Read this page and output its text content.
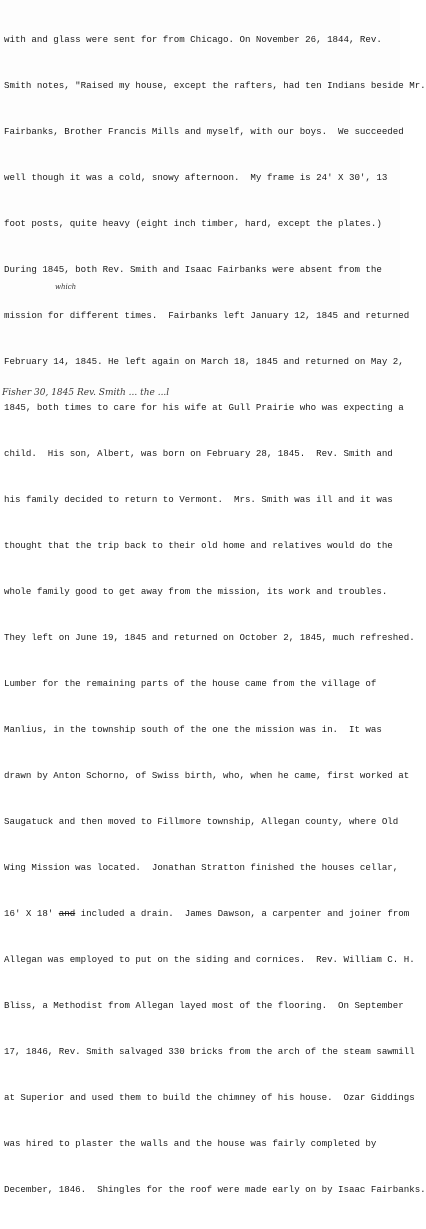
with and glass were sent for from Chicago. On November 26, 1844, Rev.

Smith notes, "Raised my house, except the rafters, had ten Indians beside Mr.

Fairbanks, Brother Francis Mills and myself, with our boys.  We succeeded

well though it was a cold, snowy afternoon.  My frame is 24' X 30', 13

foot posts, quite heavy (eight inch timber, hard, except the plates.)

During 1845, both Rev. Smith and Isaac Fairbanks were absent from the

mission for different times.  Fairbanks left January 12, 1845 and returned

February 14, 1845. He left again on March 18, 1845 and returned on May 2,

1845, both times to care for his wife at Gull Prairie who was expecting a

child.  His son, Albert, was born on February 28, 1845.  Rev. Smith and

his family decided to return to Vermont.  Mrs. Smith was ill and it was

thought that the trip back to their old home and relatives would do the

whole family good to get away from the mission, its work and troubles.

They left on June 19, 1845 and returned on October 2, 1845, much refreshed.

Lumber for the remaining parts of the house came from the village of

Manlius, in the township south of the one the mission was in.  It was

drawn by Anton Schorno, of Swiss birth, who, when he came, first worked at

Saugatuck and then moved to Fillmore township, Allegan county, where Old

Wing Mission was located.  Jonathan Stratton finished the houses cellar,

16' X 18' and included a drain.  James Dawson, a carpenter and joiner from

Allegan was employed to put on the siding and cornices.  Rev. William C. H.

Bliss, a Methodist from Allegan layed most of the flooring.  On September

17, 1846, Rev. Smith salvaged 330 bricks from the arch of the steam sawmill

at Superior and used them to build the chimney of his house.  Ozar Giddings

was hired to plaster the walls and the house was fairly completed by

December, 1846.  Shingles for the roof were made early on by Isaac Fairbanks.

which
Fisher 30, 1845 Rev. Smith ... the ...l
